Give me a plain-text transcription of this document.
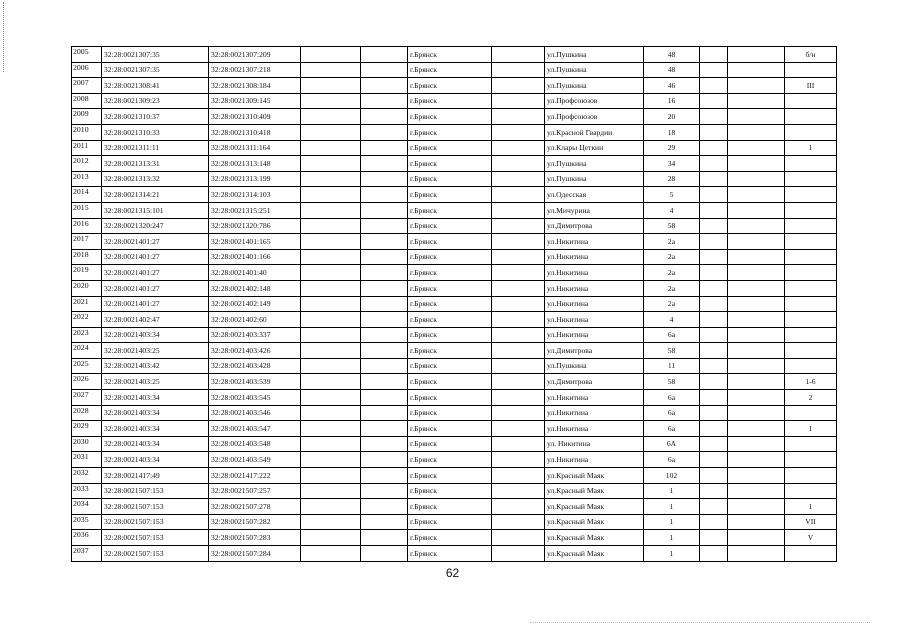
2005	32:28:0021307:35	32:28:0021307:209			г.Брянск		ул.Пушкина	48			б/н
2006	32:28:0021307:35	32:28:0021307:218			г.Брянск		ул.Пушкина	48			
2007	32:28:0021308:41	32:28:0021308:184			г.Брянск		ул.Пушкина	46			III
2008	32:28:0021309:23	32:28:0021309:145			г.Брянск		ул.Профсоюзов	16			
2009	32:28:0021310:37	32:28:0021310:409			г.Брянск		ул.Профсоюзов	20			
2010	32:28:0021310:33	32:28:0021310:418			г.Брянск		ул.Красной Гвардии	18			
2011	32:28:0021311:11	32:28:0021311:164			г.Брянск		ул.Клары Цеткин	29			1
2012	32:28:0021313:31	32:28:0021313:148			г.Брянск		ул.Пушкина	34			
2013	32:28:0021313:32	32:28:0021313:199			г.Брянск		ул.Пушкина	28			
2014	32:28:0021314:21	32:28:0021314:103			г.Брянск		ул.Одесская	5			
2015	32:28:0021315:101	32:28:0021315:251			г.Брянск		ул.Мичурина	4			
2016	32:28:0021320:247	32:28:0021320:786			г.Брянск		ул.Димитрова	58			
2017	32:28:0021401:27	32:28:0021401:165			г.Брянск		ул.Никитина	2а			
2018	32:28:0021401:27	32:28:0021401:166			г.Брянск		ул.Никитина	2а			
2019	32:28:0021401:27	32:28:0021401:40			г.Брянск		ул.Никитина	2а			
2020	32:28:0021401:27	32:28:0021402:148			г.Брянск		ул.Никитина	2а			
2021	32:28:0021401:27	32:28:0021402:149			г.Брянск		ул.Никитина	2а			
2022	32:28:0021402:47	32:28:0021402:60			г.Брянск		ул.Никитина	4			
2023	32:28:0021403:34	32:28:0021403:337			г.Брянск		ул.Никитина	6а			
2024	32:28:0021403:25	32:28:0021403:426			г.Брянск		ул.Димитрова	58			
2025	32:28:0021403:42	32:28:0021403:428			г.Брянск		ул.Пушкина	11			
2026	32:28:0021403:25	32:28:0021403:539			г.Брянск		ул.Димитрова	58			1-6
2027	32:28:0021403:34	32:28:0021403:545			г.Брянск		ул.Никитина	6а			2
2028	32:28:0021403:34	32:28:0021403:546			г.Брянск		ул.Никитина	6а			
2029	32:28:0021403:34	32:28:0021403:547			г.Брянск		ул.Никитина	6а			1
2030	32:28:0021403:34	32:28:0021403:548			г.Брянск		ул. Никитина	6А			
2031	32:28:0021403:34	32:28:0021403:549			г.Брянск		ул.Никитина	6а			
2032	32:28:0021417:49	32:28:0021417:222			г.Брянск		ул.Красный Маяк	102			
2033	32:28:0021507:153	32:28:0021507:257			г.Брянск		ул.Красный Маяк	1			
2034	32:28:0021507:153	32:28:0021507:278			г.Брянск		ул.Красный Маяк	1			1
2035	32:28:0021507:153	32:28:0021507:282			г.Брянск		ул.Красный Маяк	1			VII
2036	32:28:0021507:153	32:28:0021507:283			г.Брянск		ул.Красный Маяк	1			V
2037	32:28:0021507:153	32:28:0021507:284			г.Брянск		ул.Красный Маяк	1			
62
